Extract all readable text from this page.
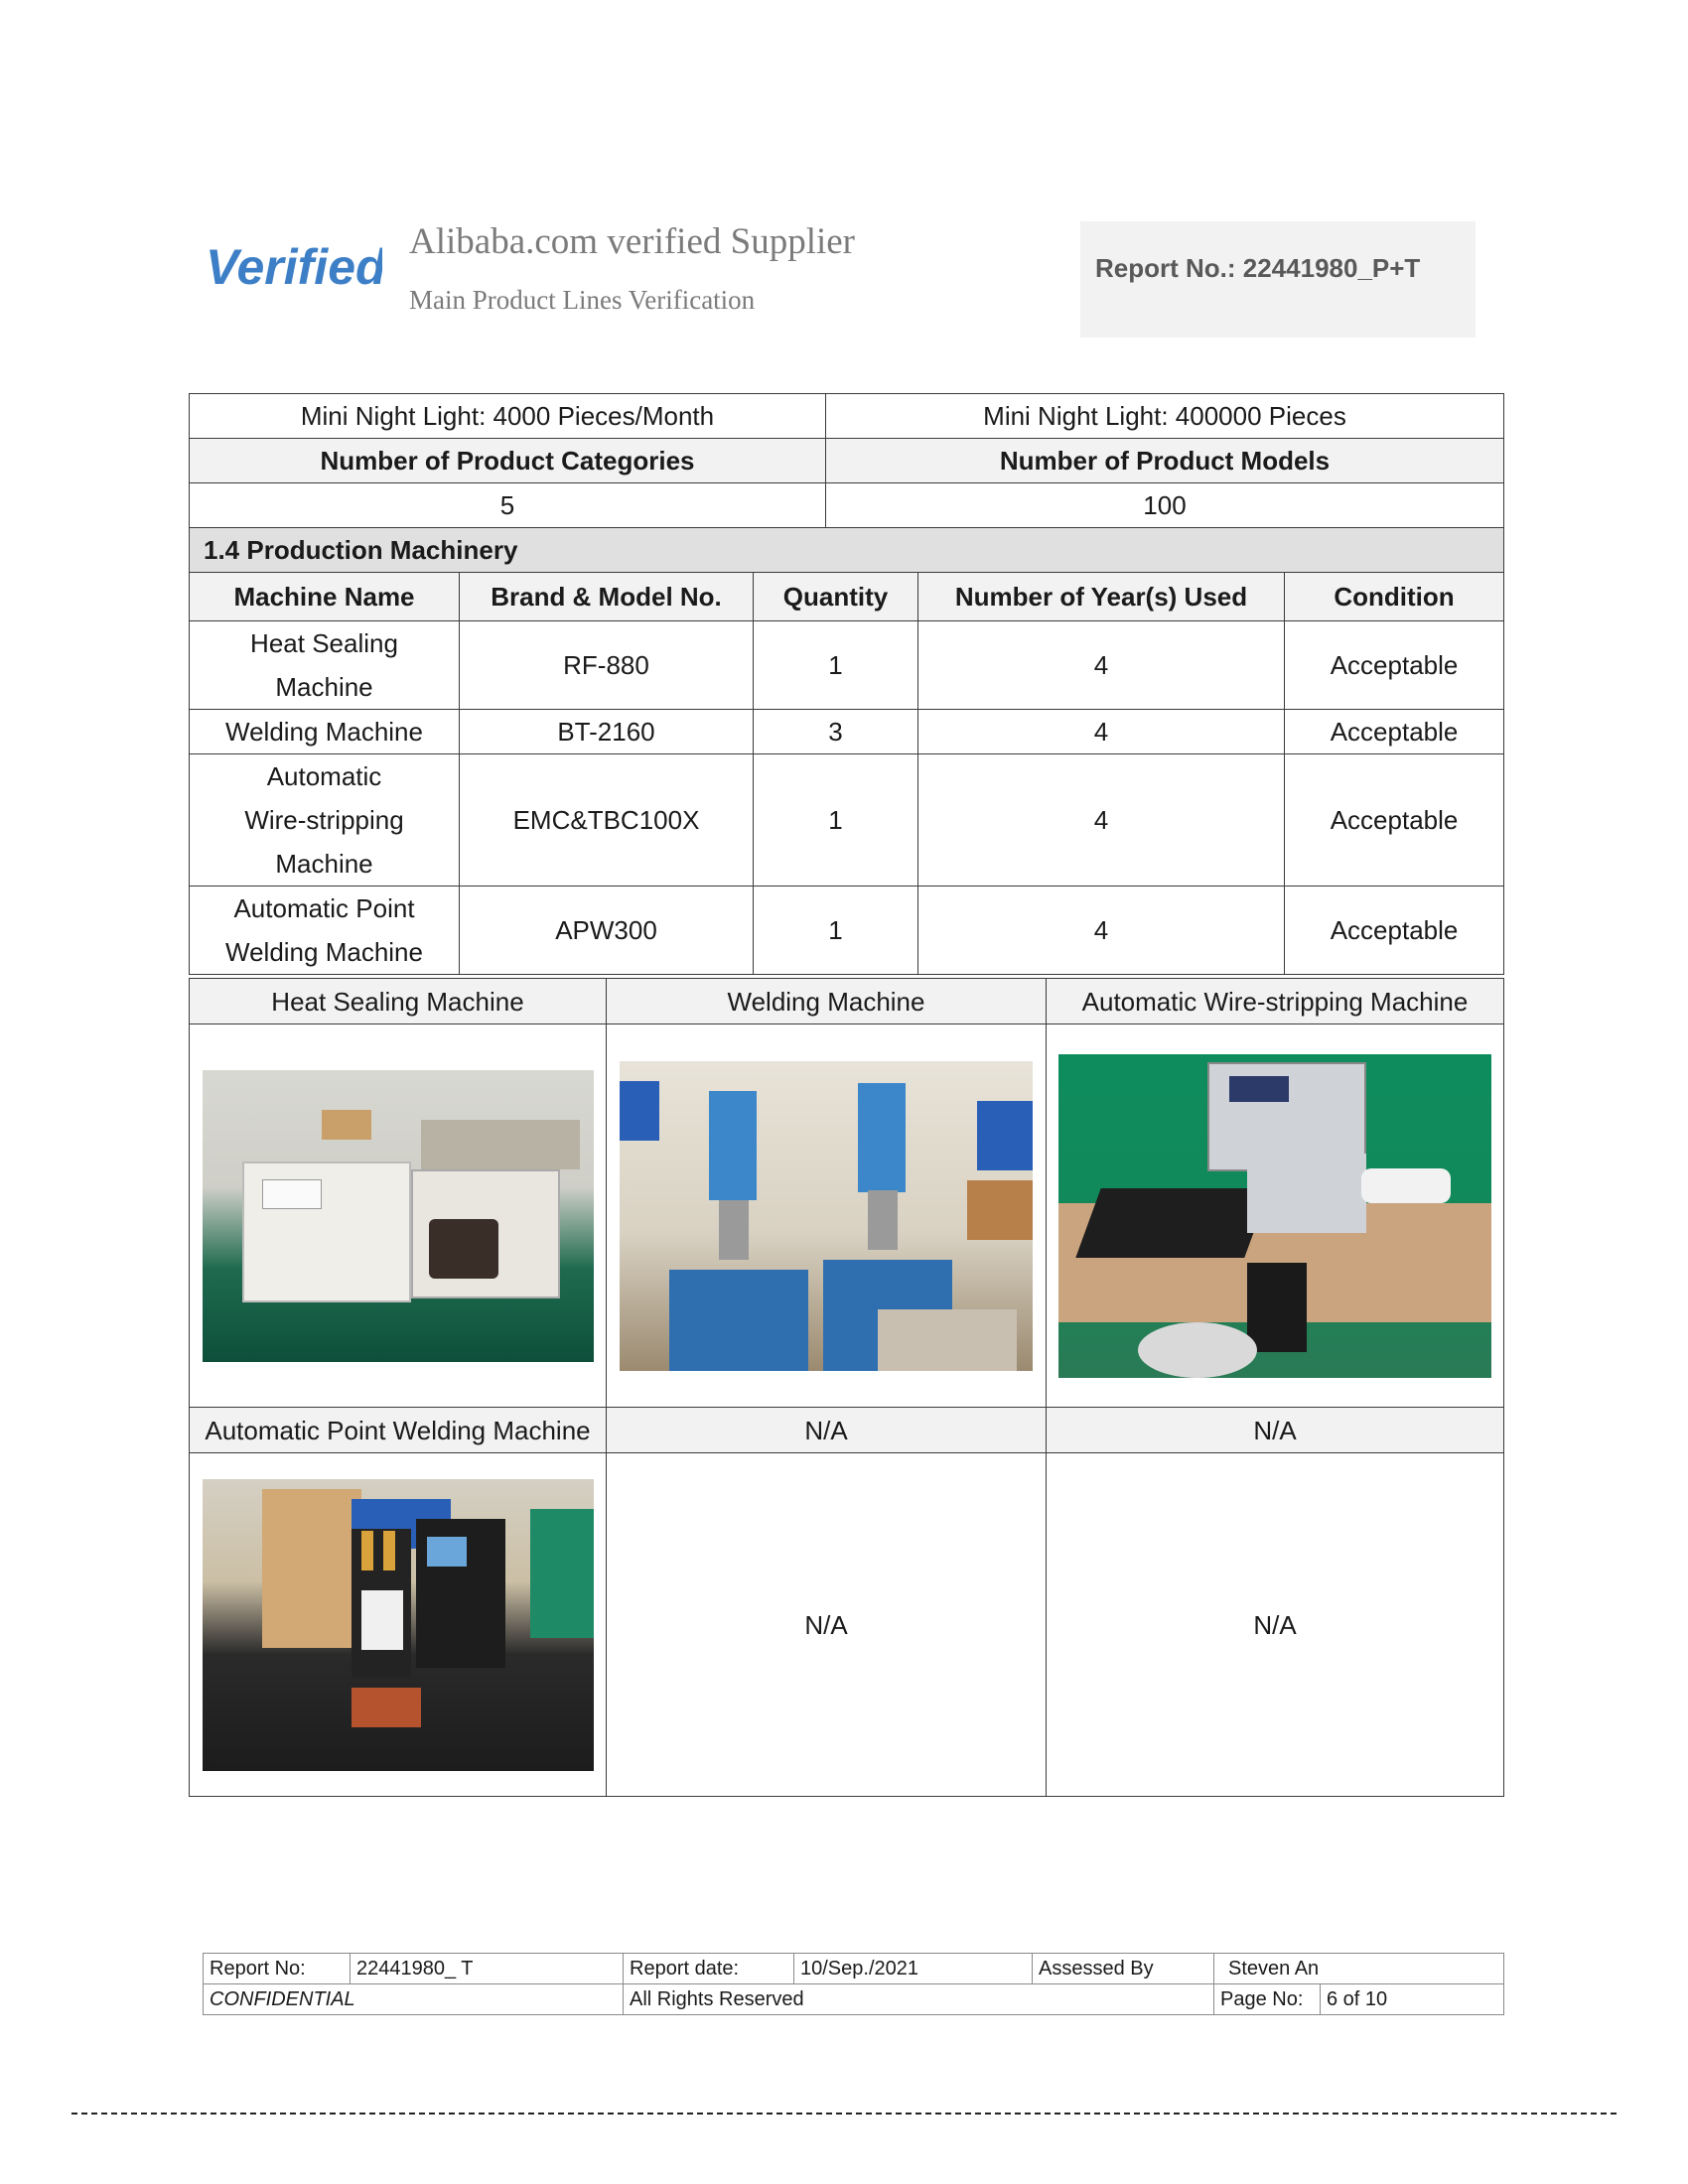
Verified Alibaba.com verified Supplier
Main Product Lines Verification
Report No.: 22441980_P+T
Mini Night Light: 4000 Pieces/Month	Mini Night Light: 400000 Pieces
Number of Product Categories	Number of Product Models
5	100
1.4 Production Machinery				
Machine Name	Brand & Model No.	Quantity	Number of Year(s) Used	Condition
Heat Sealing Machine	RF-880	1	4	Acceptable
Welding Machine	BT-2160	3	4	Acceptable
Automatic Wire-stripping Machine	EMC&TBC100X	1	4	Acceptable
Automatic Point Welding Machine	APW300	1	4	Acceptable
Heat Sealing Machine	Welding Machine	Automatic Wire-stripping Machine

Automatic Point Welding Machine	N/A	N/A

	N/A	N/A
Report No:	22441980_ T	Report date:	10/Sep./2021	Assessed By	Steven An	
CONFIDENTIAL		All Rights Reserved			Page No:	6 of 10
